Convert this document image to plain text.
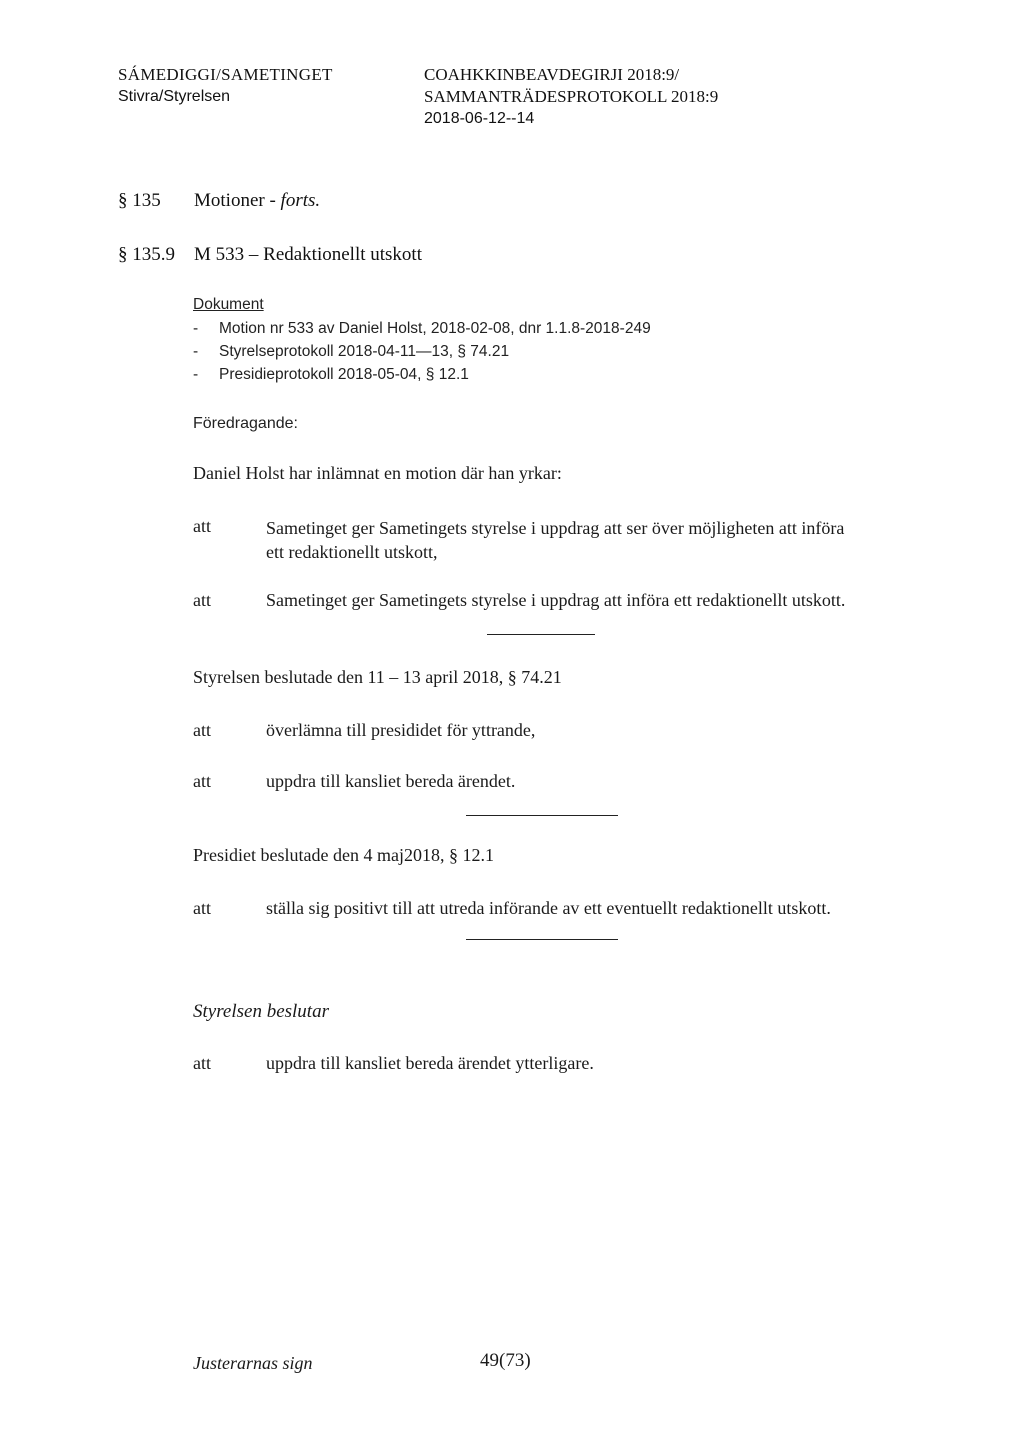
SÁMEDIGGI/SAMETINGET
Stivra/Styrelsen
COAHKKINBEAVDEGIRJI 2018:9/
SAMMANTRÄDESPROTOKOLL 2018:9
2018-06-12--14
§ 135 Motioner - forts.
§ 135.9 M 533 – Redaktionellt utskott
Dokument
- Motion nr 533 av Daniel Holst, 2018-02-08, dnr 1.1.8-2018-249
- Styrelseprotokoll 2018-04-11—13, § 74.21
- Presidieprotokoll 2018-05-04, § 12.1
Föredragande:
Daniel Holst har inlämnat en motion där han yrkar:
att	Sametinget ger Sametingets styrelse i uppdrag att ser över möjligheten att införa
ett redaktionellt utskott,
att	Sametinget ger Sametingets styrelse i uppdrag att införa ett redaktionellt utskott.
Styrelsen beslutade den 11 – 13 april 2018, § 74.21
att	överlämna till presididet för yttrande,
att	uppdra till kansliet bereda ärendet.
Presidiet beslutade den 4 maj2018, § 12.1
att	ställa sig positivt till att utreda införande av ett eventuellt redaktionellt utskott.
Styrelsen beslutar
att	uppdra till kansliet bereda ärendet ytterligare.
Justerarnas sign	49(73)
